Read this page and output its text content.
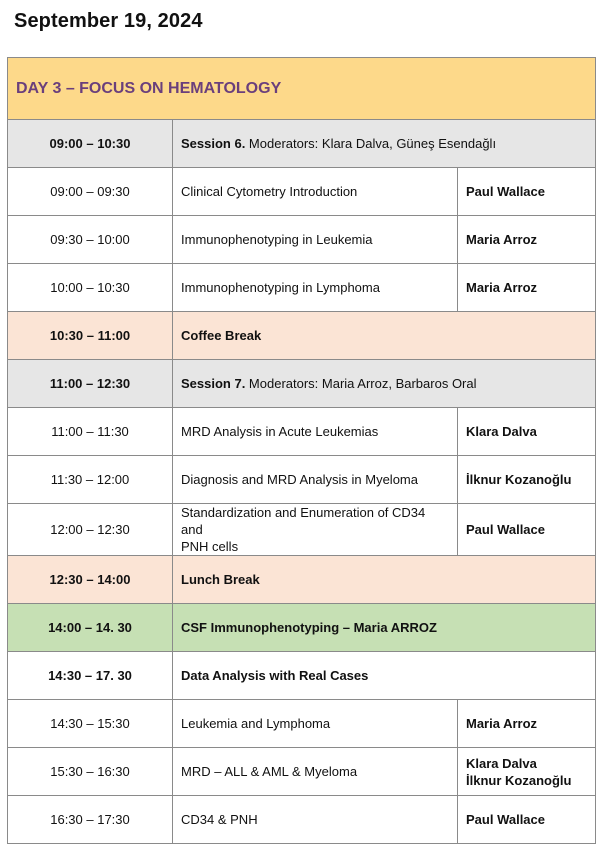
September 19, 2024
DAY 3 – FOCUS ON HEMATOLOGY		
09:00 – 10:30	Session 6. Moderators: Klara Dalva, Güneş Esendağlı	
09:00 – 09:30	Clinical Cytometry Introduction	Paul Wallace
09:30 – 10:00	Immunophenotyping in Leukemia	Maria Arroz
10:00 – 10:30	Immunophenotyping in Lymphoma	Maria Arroz
10:30 – 11:00	Coffee Break	
11:00 – 12:30	Session 7. Moderators: Maria Arroz, Barbaros Oral	
11:00 – 11:30	MRD Analysis in Acute Leukemias	Klara Dalva
11:30 – 12:00	Diagnosis and MRD Analysis in Myeloma	İlknur Kozanoğlu
12:00 – 12:30	Standardization and Enumeration of CD34 and
PNH cells	Paul Wallace
12:30 – 14:00	Lunch Break	
14:00 – 14. 30	CSF Immunophenotyping – Maria ARROZ	
14:30 – 17. 30	Data Analysis with Real Cases	
14:30 – 15:30	Leukemia and Lymphoma	Maria Arroz
15:30 – 16:30	MRD – ALL & AML & Myeloma	Klara Dalva
İlknur Kozanoğlu
16:30 – 17:30	CD34 & PNH	Paul Wallace
